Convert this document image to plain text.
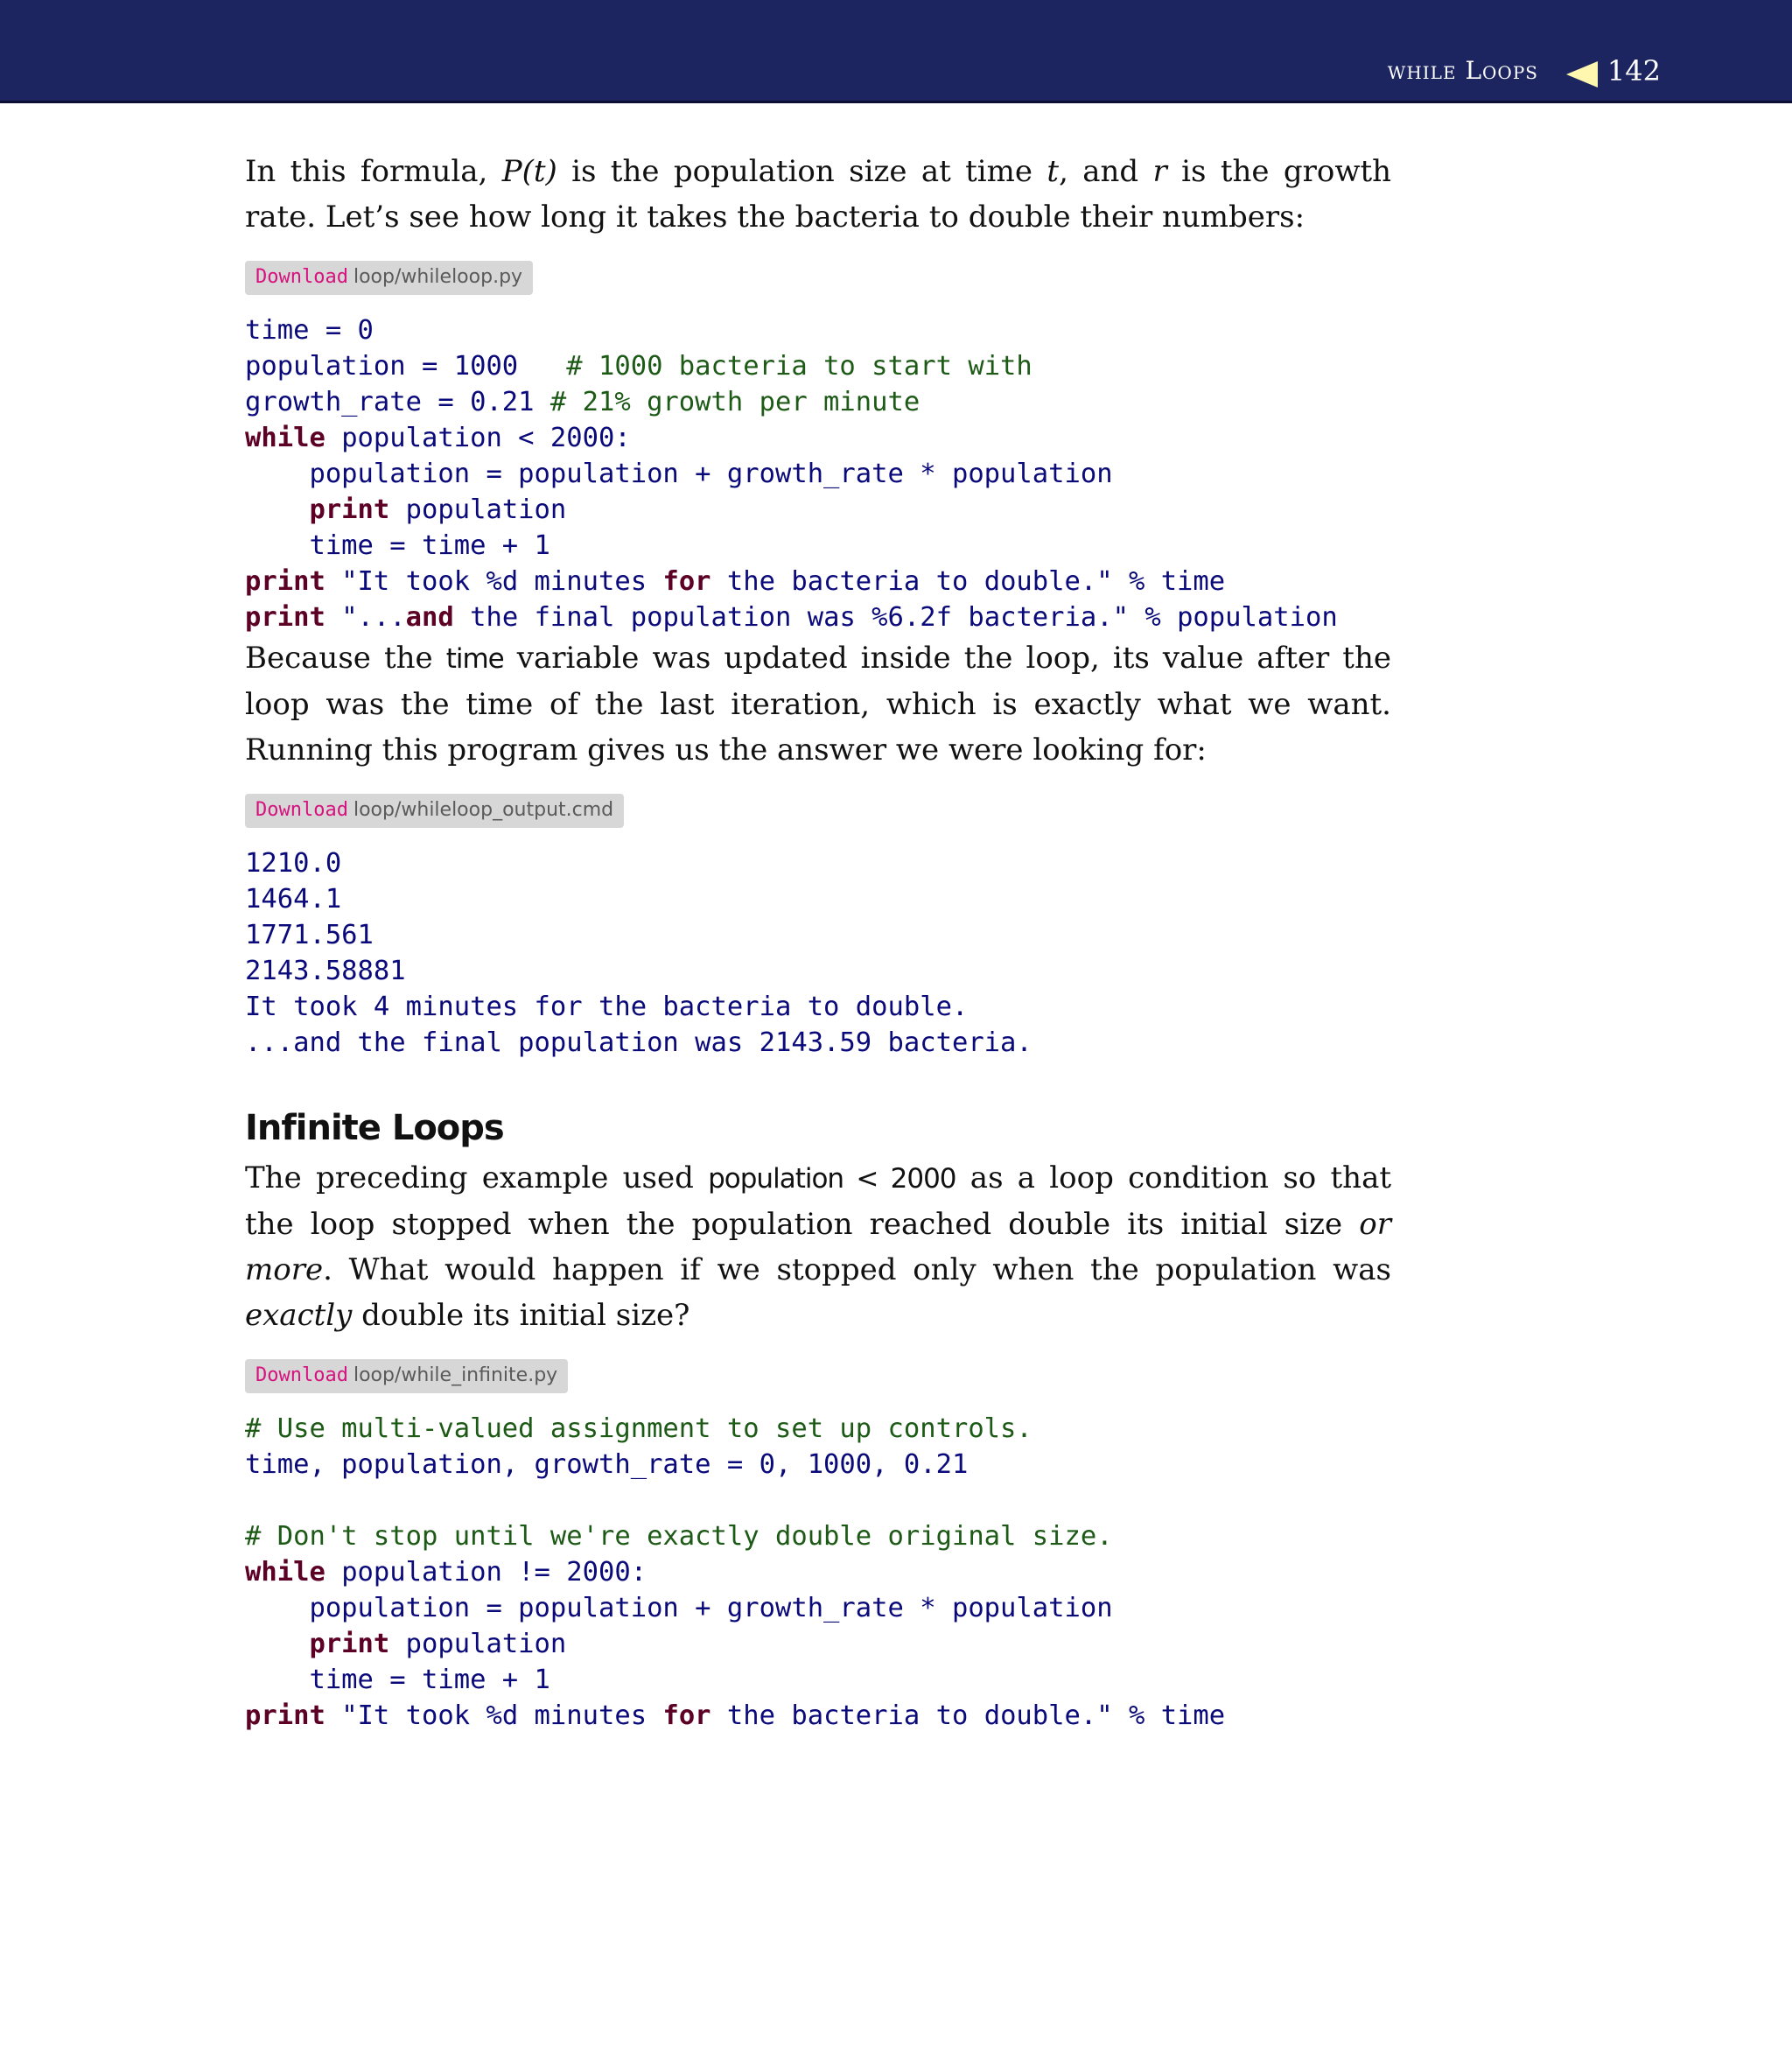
while Loops 142

In this formula, P(t) is the population size at time t, and r is the growth rate. Let’s see how long it takes the bacteria to double their numbers:

Download loop/whileloop.py
time = 0
population = 1000   # 1000 bacteria to start with
growth_rate = 0.21 # 21% growth per minute
while population < 2000:
population = population + growth_rate * population
print population
time = time + 1
print "It took %d minutes for the bacteria to double." % time
print "...and the final population was %6.2f bacteria." % population

Because the time variable was updated inside the loop, its value after the loop was the time of the last iteration, which is exactly what we want. Running this program gives us the answer we were looking for:

Download loop/whileloop_output.cmd
1210.0
1464.1
1771.561
2143.58881
It took 4 minutes for the bacteria to double.
...and the final population was 2143.59 bacteria.
Infinite Loops

The preceding example used population < 2000 as a loop condition so that the loop stopped when the population reached double its initial size or more. What would happen if we stopped only when the population was exactly double its initial size?

Download loop/while_infinite.py
# Use multi-valued assignment to set up controls.
time, population, growth_rate = 0, 1000, 0.21
# Don't stop until we're exactly double original size.
while population != 2000:
population = population + growth_rate * population
print population
time = time + 1
print "It took %d minutes for the bacteria to double." % time
